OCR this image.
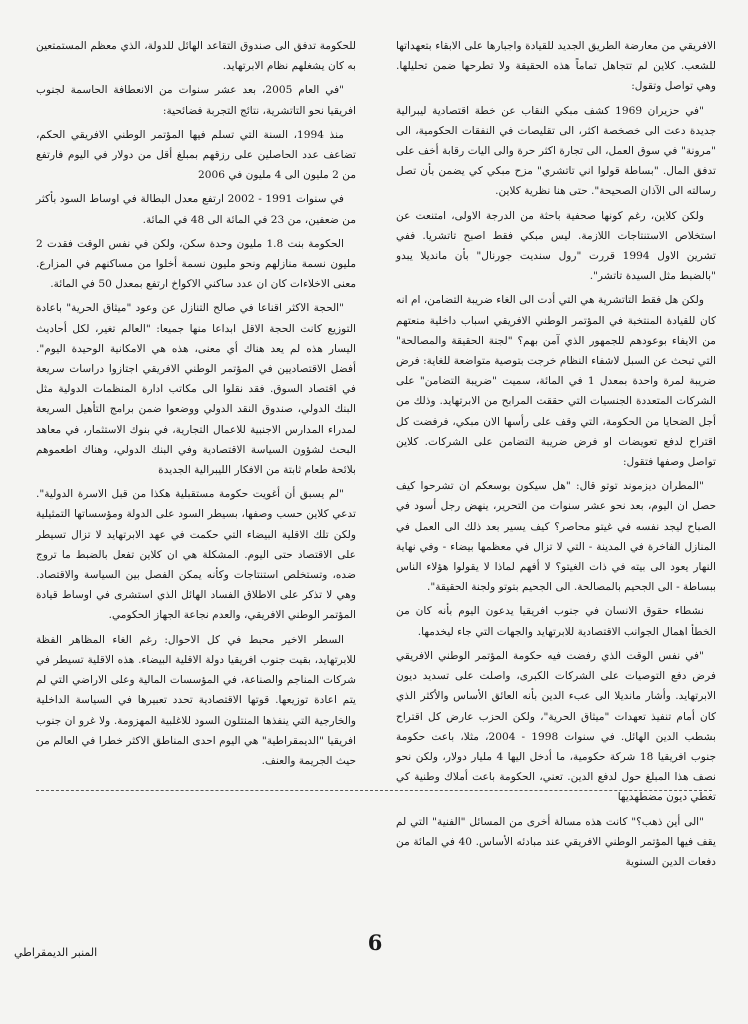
الافريقي من معارضة الطريق الجديد للقيادة واجبارها على الابقاء بتعهداتها للشعب. كلاين لم تتجاهل تماماً هذه الحقيقة ولا تطرحها ضمن تحليلها. وهي تواصل وتقول:

"في حزيران 1969 كشف مبكي النقاب عن خطة اقتصادية ليبرالية جديدة دعت الى خصخصة اكثر، الى تقليصات في النفقات الحكومية، الى "مرونة" في سوق العمل، الى تجارة اكثر حرة والى اليات رقابة أخف على تدفق المال. "بساطة قولوا اني تاتشري" مزح مبكي كي يضمن بأن تصل رسالته الى الآذان الصحيحة". حتى هنا نظرية كلاين.

ولكن كلاين، رغم كونها صحفية باحثة من الدرجة الاولى، امتنعت عن استخلاص الاستنتاجات اللازمة. ليس مبكي فقط اصبح تاتشريا. ففي تشرين الاول 1994 قررت "رول سنديت جورنال" بأن مانديلا يبدو "بالضبط مثل السيدة تاتشر".

ولكن هل فقط التاتشرية هي التي أدت الى الغاء ضريبة التضامن، ام انه كان للقيادة المنتخبة في المؤتمر الوطني الافريقي اسباب داخلية منعتهم من الايفاء بوعودهم للجمهور الذي آمن بهم؟ "لجنة الحقيقة والمصالحة" التي تبحث عن السبل لاشفاء النظام خرجت بتوصية متواضعة للغاية: فرض ضريبة لمرة واحدة بمعدل 1 في المائة، سميت "ضريبة التضامن" على الشركات المتعددة الجنسيات التي حققت المرابح من الابرتهايد. وذلك من أجل الضحايا من الحكومة، التي وقف على رأسها الان مبكي، فرفضت كل اقتراح لدفع تعويضات او فرض ضريبة التضامن على الشركات. كلاين تواصل وصفها فتقول:

"المطران ديزموند توتو قال: "هل سيكون بوسعكم ان تشرحوا كيف حصل ان اليوم، بعد نحو عشر سنوات من التحرير، ينهض رجل أسود في الصباح ليجد نفسه في غيتو محاصر؟ كيف يسير بعد ذلك الى العمل في المنازل الفاخرة في المدينة - التي لا تزال في معظمها بيضاء - وفي نهاية النهار يعود الى بيته في ذات الغيتو؟ لا أفهم لماذا لا يقولوا هؤلاء الناس ببساطة - الى الجحيم بالمصالحة. الى الجحيم بتوتو ولجنة الحقيقة".

نشطاء حقوق الانسان في جنوب افريقيا يدعون اليوم بأنه كان من الخطأ اهمال الجوانب الاقتصادية للابرتهايد والجهات التي جاء ليخدمها.

"في نفس الوقت الذي رفضت فيه حكومة المؤتمر الوطني الافريقي فرض دفع التوصيات على الشركات الكبرى، واصلت على تسديد ديون الابرتهايد. وأشار مانديلا الى عبء الدين بأنه العائق الأساس والأكثر الذي كان أمام تنفيذ تعهدات "ميثاق الحرية"، ولكن الحزب عارض كل اقتراح بشطب الدين الهائل. في سنوات 1998 - 2004، مثلا، باعت حكومة جنوب افريقيا 18 شركة حكومية، ما أدخل اليها 4 مليار دولار، ولكن نحو نصف هذا المبلغ حول لدفع الدين. تعني، الحكومة باعت أملاك وطنية كي تغطي ديون مضطهديها

"الى أين ذهب؟" كانت هذه مسالة أخرى من المسائل "الفنية" التي لم يقف فيها المؤتمر الوطني الافريقي عند مبادئه الأساس. 40 في المائة من دفعات الدين السنوية

للحكومة تدفق الى صندوق التقاعد الهائل للدولة، الذي معظم المستمتعين به كان يشغلهم نظام الابرتهايد.

"في العام 2005، بعد عشر سنوات من الانعطافة الحاسمة لجنوب افريقيا نحو التاتشرية، نتائج التجربة فضائحية:

منذ 1994، السنة التي تسلم فيها المؤتمر الوطني الافريقي الحكم، تضاعف عدد الحاصلين على رزقهم بمبلغ أقل من دولار في اليوم فارتفع من 2 مليون الى 4 مليون في 2006

في سنوات 1991 - 2002 ارتفع معدل البطالة في اوساط السود بأكثر من ضعفين، من 23 في المائة الى 48 في المائة.

الحكومة بنت 1.8 مليون وحدة سكن، ولكن في نفس الوقت فقدت 2 مليون نسمة منازلهم ونحو مليون نسمة أخلوا من مساكنهم في المزارع. معنى الاخلاءات كان ان عدد ساكني الاكواخ ارتفع بمعدل 50 في المائة.

"الحجة الاكثر اقناعا في صالح التنازل عن وعود "ميثاق الحرية" باعادة التوزيع كانت الحجة الاقل ابداعا منها جميعا: "العالم تغير، لكل أحاديث اليسار هذه لم يعد هناك أي معنى، هذه هي الامكانية الوحيدة اليوم". أفضل الاقتصاديين في المؤتمر الوطني الافريقي اجتازوا دراسات سريعة في اقتصاد السوق. فقد نقلوا الى مكاتب ادارة المنظمات الدولية مثل البنك الدولي، صندوق النقد الدولي ووضعوا ضمن برامج التأهيل السريعة لمدراء المدارس الاجنبية للاعمال التجارية، في بنوك الاستثمار، في معاهد البحث لشؤون السياسة الاقتصادية وفي البنك الدولي، وهناك اطعموهم بلائحة طعام ثابتة من الافكار الليبرالية الجديدة

"لم يسبق أن أغويت حكومة مستقبلية هكذا من قبل الاسرة الدولية". تدعي كلاين حسب وصفها، بسيطر السود على الدولة ومؤسساتها التمثيلية ولكن تلك الاقلية البيضاء التي حكمت في عهد الابرتهايد لا تزال تسيطر على الاقتصاد حتى اليوم. المشكلة هي ان كلاين تفعل بالضبط ما تروج ضده، وتستخلص استنتاجات وكأنه يمكن الفصل بين السياسة والاقتصاد. وهي لا تذكر على الاطلاق الفساد الهائل الذي استشرى في اوساط قيادة المؤتمر الوطني الافريقي، والعدم نجاعة الجهاز الحكومي.

السطر الاخير محبط في كل الاحوال: رغم الغاء المظاهر الفظة للابرتهايد، بقيت جنوب افريقيا دولة الاقلية البيضاء. هذه الاقلية تسيطر في شركات المناجم والصناعة، في المؤسسات المالية وعلى الاراضي التي لم يتم اعادة توزيعها. قوتها الاقتصادية تحدد تعبيرها في السياسة الداخلية والخارجية التي ينفذها المنتلون السود للاغلبية المهزومة. ولا غرو ان جنوب افريقيا "الديمقراطية" هي اليوم احدى المناطق الاكثر خطرا في العالم من حيث الجريمة والعنف.

6
المنبر الديمقراطي
